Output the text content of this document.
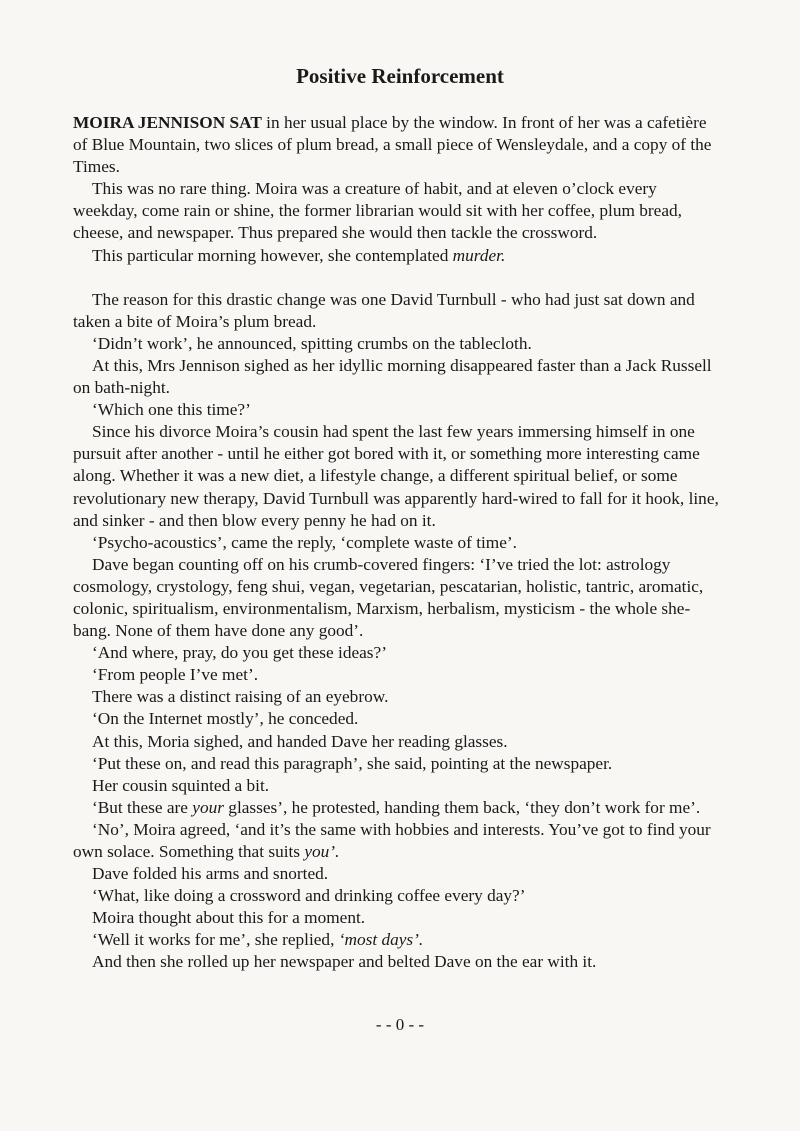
Positive Reinforcement

MOIRA JENNISON SAT in her usual place by the window. In front of her was a cafetière of Blue Mountain, two slices of plum bread, a small piece of Wensleydale, and a copy of the Times.

This was no rare thing. Moira was a creature of habit, and at eleven o’clock every weekday, come rain or shine, the former librarian would sit with her coffee, plum bread, cheese, and newspaper. Thus prepared she would then tackle the crossword.

This particular morning however, she contemplated murder.

The reason for this drastic change was one David Turnbull - who had just sat down and taken a bite of Moira’s plum bread.

‘Didn’t work’, he announced, spitting crumbs on the tablecloth.

At this, Mrs Jennison sighed as her idyllic morning disappeared faster than a Jack Russell on bath-night.

‘Which one this time?’

Since his divorce Moira’s cousin had spent the last few years immersing himself in one pursuit after another - until he either got bored with it, or something more interesting came along. Whether it was a new diet, a lifestyle change, a different spiritual belief, or some revolutionary new therapy, David Turnbull was apparently hard-wired to fall for it hook, line, and sinker - and then blow every penny he had on it.

‘Psycho-acoustics’, came the reply, ‘complete waste of time’.

Dave began counting off on his crumb-covered fingers: ‘I’ve tried the lot: astrology cosmology, crystology, feng shui, vegan, vegetarian, pescatarian, holistic, tantric, aromatic, colonic, spiritualism, environmentalism, Marxism, herbalism, mysticism - the whole she-bang. None of them have done any good’.

‘And where, pray, do you get these ideas?’

‘From people I’ve met’.

There was a distinct raising of an eyebrow.

‘On the Internet mostly’, he conceded.

At this, Moria sighed, and handed Dave her reading glasses.

‘Put these on, and read this paragraph’, she said, pointing at the newspaper.

Her cousin squinted a bit.

‘But these are your glasses’, he protested, handing them back, ‘they don’t work for me’.

‘No’, Moira agreed, ‘and it’s the same with hobbies and interests. You’ve got to find your own solace. Something that suits you’.

Dave folded his arms and snorted.

‘What, like doing a crossword and drinking coffee every day?’

Moira thought about this for a moment.

‘Well it works for me’, she replied, ‘most days’.

And then she rolled up her newspaper and belted Dave on the ear with it.

- - 0 - -
